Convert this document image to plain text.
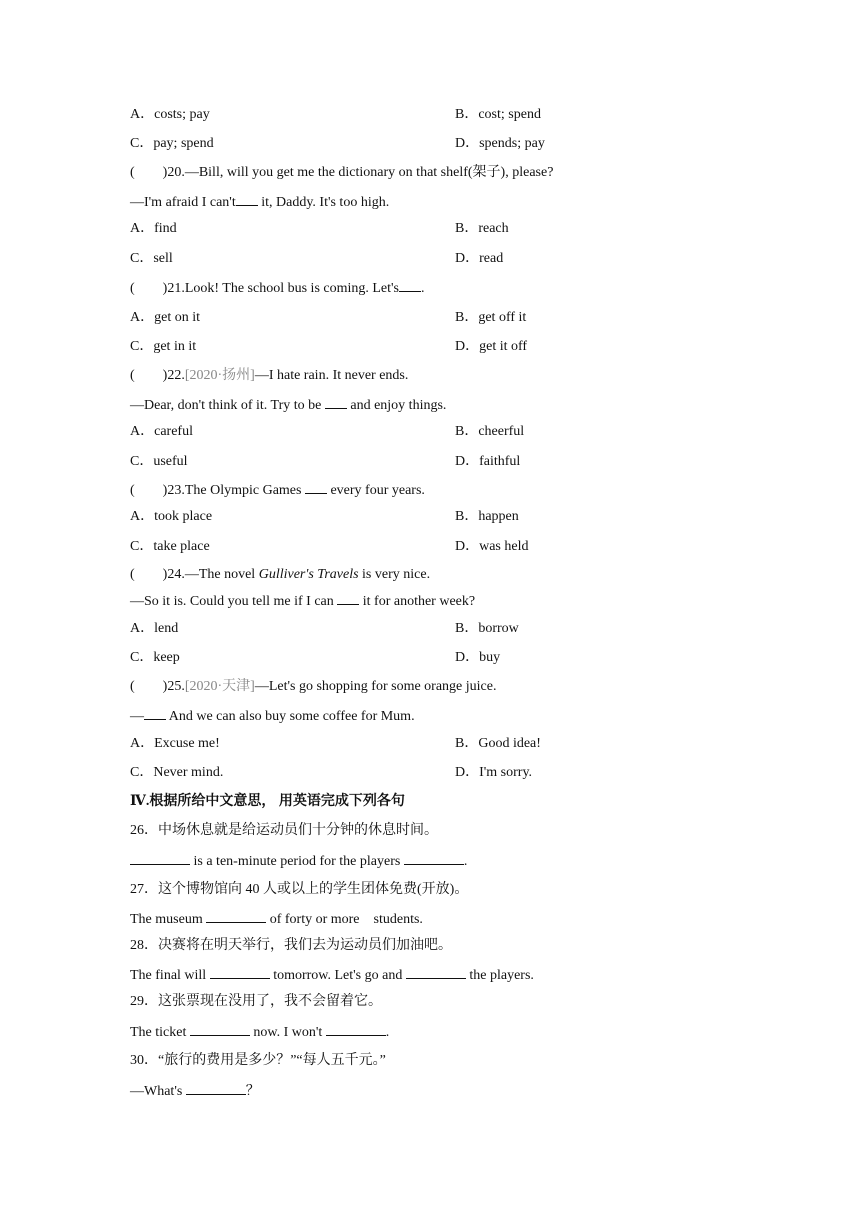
A．costs; pay	B．cost; spend
C．pay; spend	D．spends; pay
(　　)20.—Bill, will you get me the dictionary on that shelf(架子), please?
—I'm afraid I can't it, Daddy. It's too high.
A．find	B．reach
C．sell	D．read
(　　)21.Look! The school bus is coming. Let's .
A．get on it	B．get off it
C．get in it	D．get it off
(　　)22.[2020·扬州]—I hate rain. It never ends.
—Dear, don't think of it. Try to be  and enjoy things.
A．careful	B．cheerful
C．useful	D．faithful
(　　)23.The Olympic Games  every four years.
A．took place	B．happen
C．take place	D．was held
(　　)24.—The novel Gulliver's Travels is very nice.
—So it is. Could you tell me if I can  it for another week?
A．lend	B．borrow
C．keep	D．buy
(　　)25.[2020·天津]—Let's go shopping for some orange juice.
— And we can also buy some coffee for Mum.
A．Excuse me!	B．Good idea!
C．Never mind.	D．I'm sorry.
Ⅳ.根据所给中文意思， 用英语完成下列各句
26．中场休息就是给运动员们十分钟的休息时间。
is a ten-minute period for the players	.
27．这个博物馆向 40 人或以上的学生团体免费(开放)。
The museum	of forty or more　students.
28．决赛将在明天举行，我们去为运动员们加油吧。
The final will	tomorrow. Let's go and	the players.
29．这张票现在没用了，我不会留着它。
The ticket	now. I won't	.
30．“旅行的费用是多少？”“每人五千元。”
—What's	？
